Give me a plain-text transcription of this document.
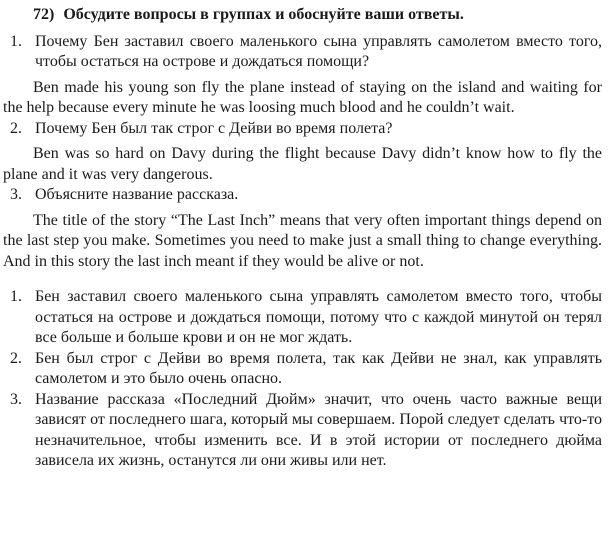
72) Обсудите вопросы в группах и обоснуйте ваши ответы.
1. Почему Бен заставил своего маленького сына управлять самолетом вместо того, чтобы остаться на острове и дождаться помощи?

Ben made his young son fly the plane instead of staying on the island and waiting for the help because every minute he was loosing much blood and he couldn’t wait.

2. Почему Бен был так строг с Дейви во время полета?

Ben was so hard on Davy during the flight because Davy didn’t know how to fly the plane and it was very dangerous.

3. Объясните название рассказа.

The title of the story “The Last Inch” means that very often important things depend on the last step you make. Sometimes you need to make just a small thing to change everything. And in this story the last inch meant if they would be alive or not.

1. Бен заставил своего маленького сына управлять самолетом вместо того, чтобы остаться на острове и дождаться помощи, потому что с каждой минутой он терял все больше и больше крови и он не мог ждать.
2. Бен был строг с Дейви во время полета, так как Дейви не знал, как управлять самолетом и это было очень опасно.
3. Название рассказа «Последний Дюйм» значит, что очень часто важные вещи зависят от последнего шага, который мы совершаем. Порой следует сделать что-то незначительное, чтобы изменить все. И в этой истории от последнего дюйма зависела их жизнь, останутся ли они живы или нет.
